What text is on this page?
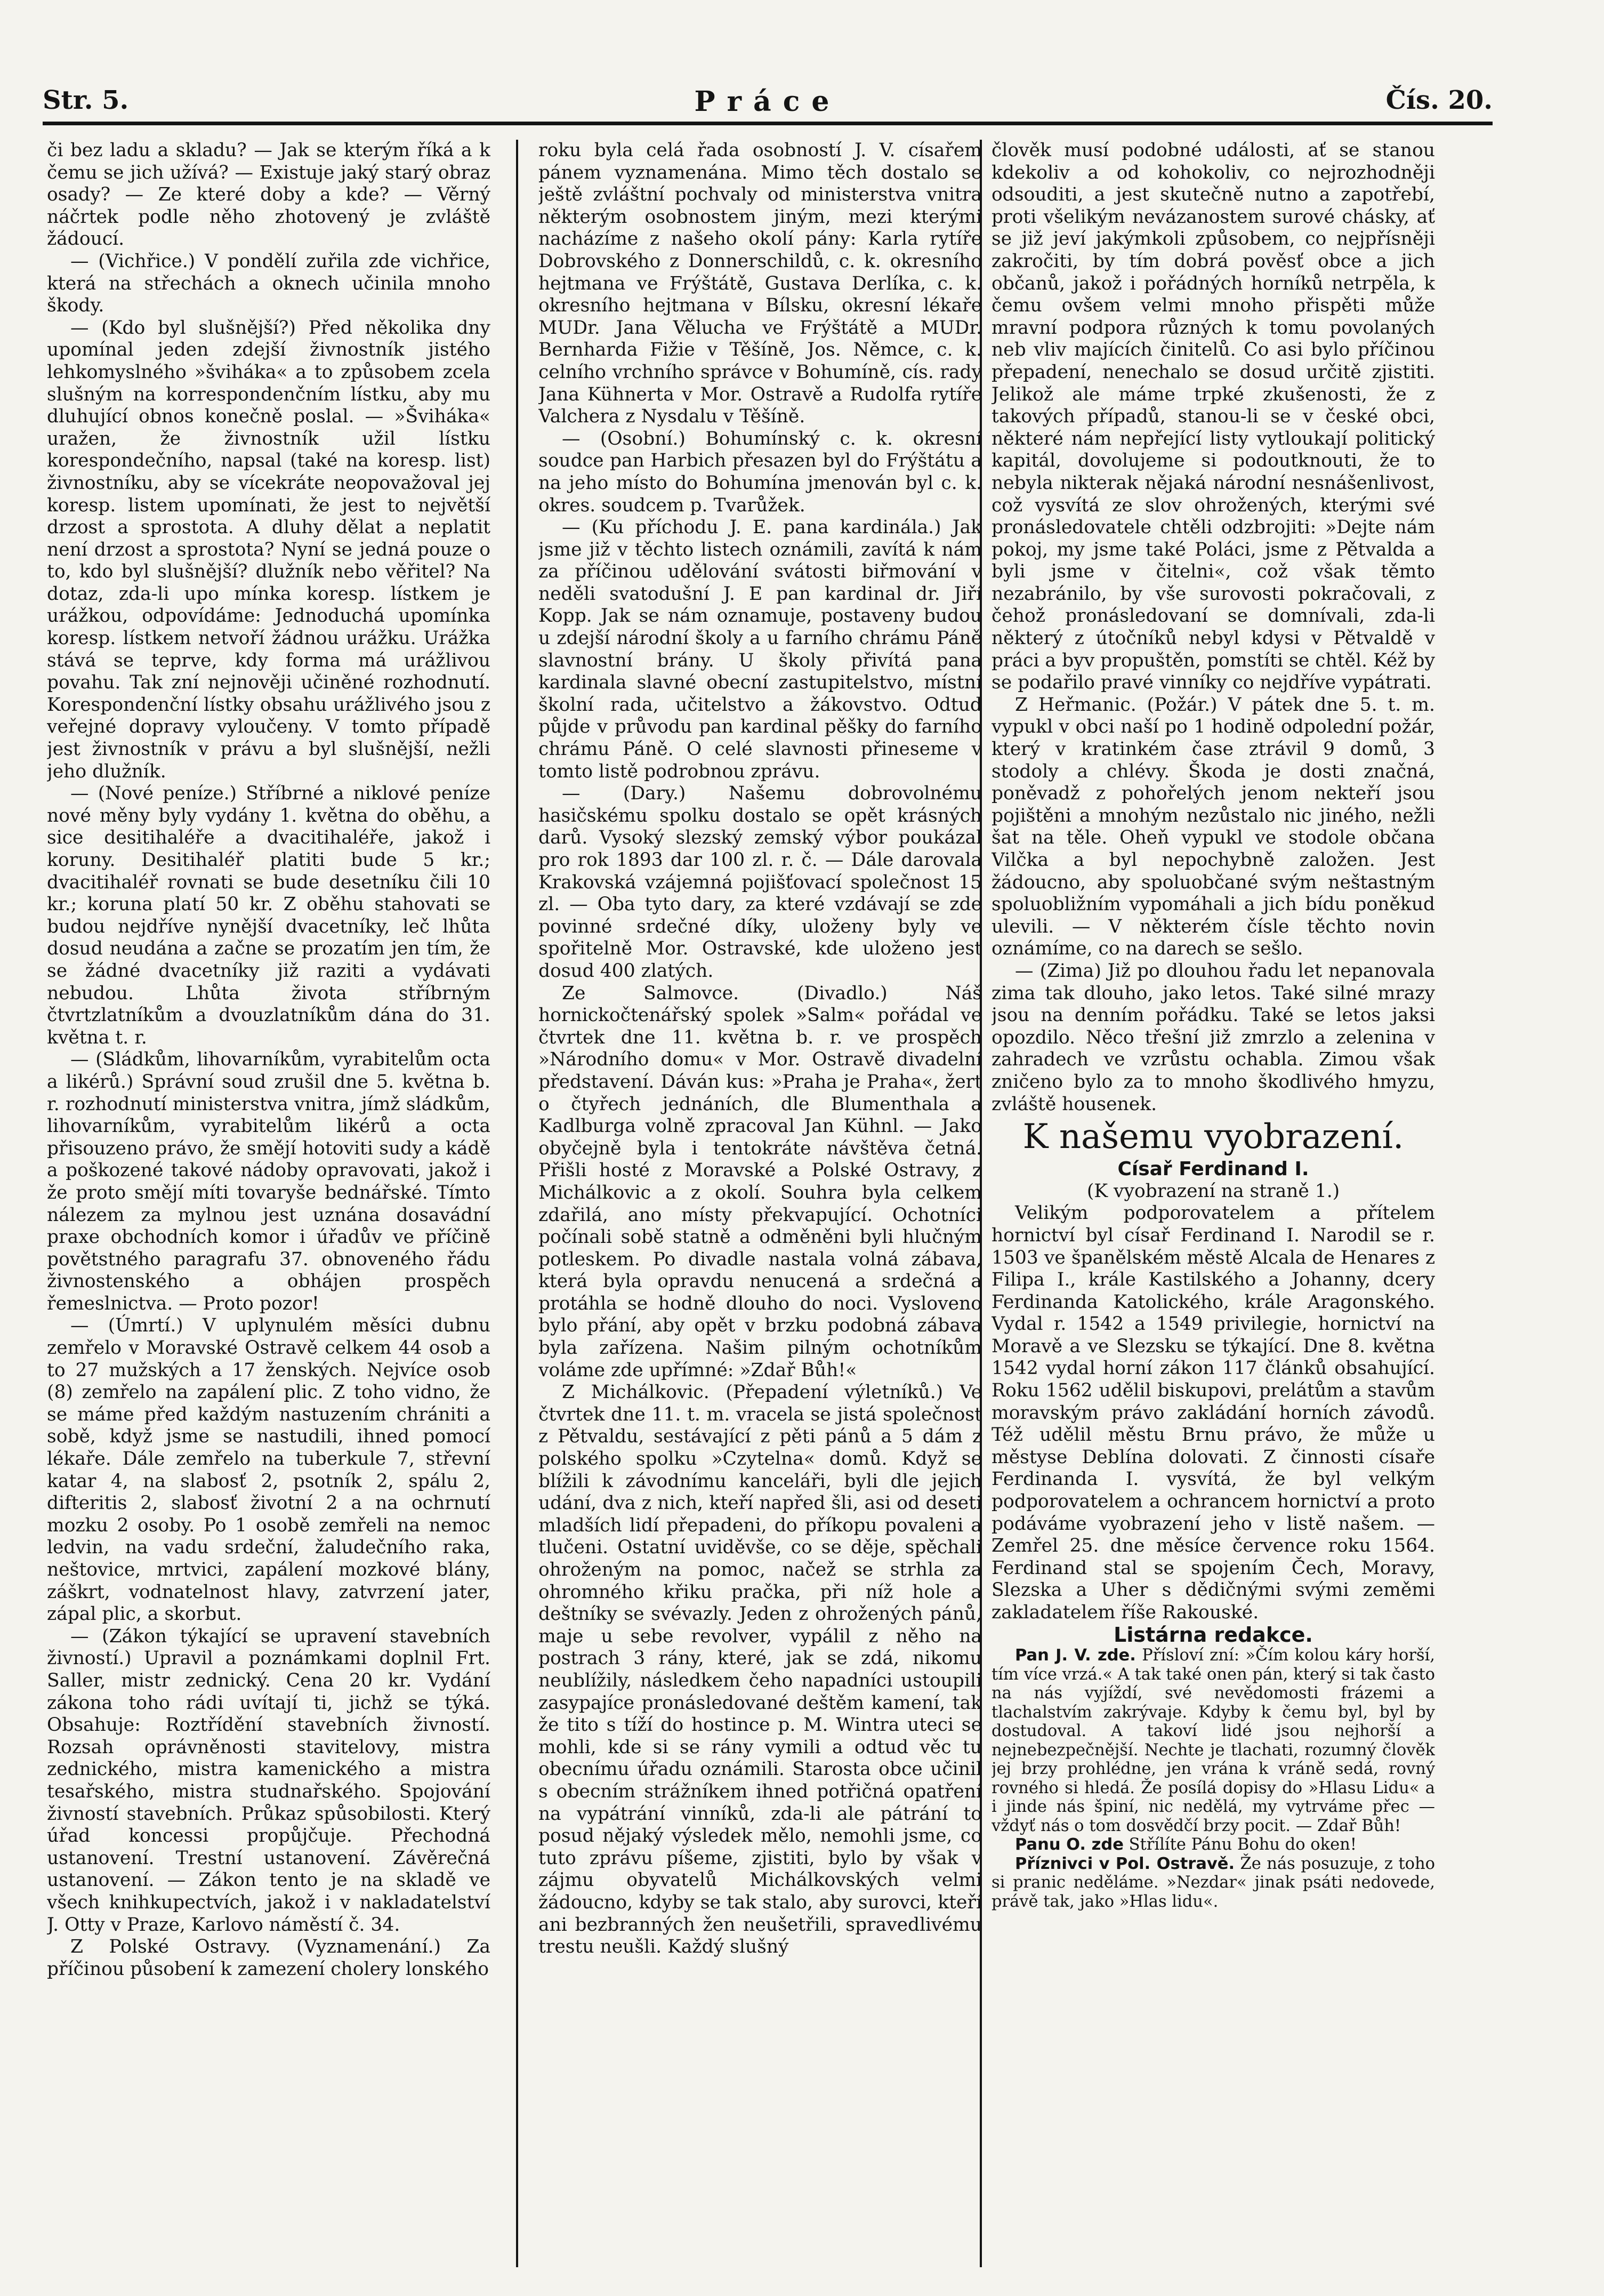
Str. 5.	Práce	Čís. 20.

či bez ladu a skladu? — Jak se kterým říká a k čemu se jich užívá? — Existuje jaký starý obraz osady? — Ze které doby a kde? — Věrný náčrtek podle něho zhotovený je zvláště žádoucí.

— (Vichřice.) V pondělí zuřila zde vichřice, která na střechách a oknech učinila mnoho škody.

— (Kdo byl slušnější?) Před několika dny upomínal jeden zdejší živnostník jistého lehkomyslného »šviháka« a to způsobem zcela slušným na korrespondenčním lístku, aby mu dluhující obnos konečně poslal. — »Šviháka« uražen, že živnostník užil lístku korespondečního, napsal (také na koresp. list) živnostníku, aby se vícekráte neopovažoval jej koresp. listem upomínati, že jest to největší drzost a sprostota. A dluhy dělat a neplatit není drzost a sprostota? Nyní se jedná pouze o to, kdo byl slušnější? dlužník nebo věřitel? Na dotaz, zda-li upo mínka koresp. lístkem je urážkou, odpovídáme: Jednoduchá upomínka koresp. lístkem netvoří žádnou urážku. Urážka stává se teprve, kdy forma má urážlivou povahu. Tak zní nejnověji učiněné rozhodnutí. Korespondenční lístky obsahu urážlivého jsou z veřejné dopravy vyloučeny. V tomto případě jest živnostník v právu a byl slušnější, nežli jeho dlužník.

— (Nové peníze.) Stříbrné a niklové peníze nové měny byly vydány 1. května do oběhu, a sice desitihaléře a dvacitihaléře, jakož i koruny. Desitihaléř platiti bude 5 kr.; dvacitihaléř rovnati se bude desetníku čili 10 kr.; koruna platí 50 kr. Z oběhu stahovati se budou nejdříve nynější dvacetníky, leč lhůta dosud neudána a začne se prozatím jen tím, že se žádné dvacetníky již raziti a vydávati nebudou. Lhůta života stříbrným čtvrtzlatníkům a dvouzlatníkům dána do 31. května t. r.

— (Sládkům, lihovarníkům, vyrabitelům octa a likérů.) Správní soud zrušil dne 5. května b. r. rozhodnutí ministerstva vnitra, jímž sládkům, lihovarníkům, vyrabitelům likérů a octa přisouzeno právo, že smějí hotoviti sudy a kádě a poškozené takové nádoby opravovati, jakož i že proto smějí míti tovaryše bednářské. Tímto nálezem za mylnou jest uznána dosavádní praxe obchodních komor i úřadův ve příčině povětstného paragrafu 37. obnoveného řádu živnostenského a obhájen prospěch řemeslnictva. — Proto pozor!

— (Úmrtí.) V uplynulém měsíci dubnu zemřelo v Moravské Ostravě celkem 44 osob a to 27 mužských a 17 ženských. Nejvíce osob (8) zemřelo na zapálení plic. Z toho vidno, že se máme před každým nastuzením chrániti a sobě, když jsme se nastudili, ihned pomocí lékaře. Dále zemřelo na tuberkule 7, střevní katar 4, na slabosť 2, psotník 2, spálu 2, difteritis 2, slabosť životní 2 a na ochrnutí mozku 2 osoby. Po 1 osobě zemřeli na nemoc ledvin, na vadu srdeční, žaludečního raka, neštovice, mrtvici, zapálení mozkové blány, záškrt, vodnatelnost hlavy, zatvrzení jater, zápal plic, a skorbut.

— (Zákon týkající se upravení stavebních živností.) Upravil a poznámkami doplnil Frt. Saller, mistr zednický. Cena 20 kr. Vydání zákona toho rádi uvítají ti, jichž se týká. Obsahuje: Roztřídění stavebních živností. Rozsah oprávněnosti stavitelovy, mistra zednického, mistra kamenického a mistra tesařského, mistra studnařského. Spojování živností stavebních. Průkaz spůsobilosti. Který úřad koncessi propůjčuje. Přechodná ustanovení. Trestní ustanovení. Závěrečná ustanovení. — Zákon tento je na skladě ve všech knihkupectvích, jakož i v nakladatelství J. Otty v Praze, Karlovo náměstí č. 34.

Z Polské Ostravy. (Vyznamenání.) Za příčinou působení k zamezení cholery lonského

roku byla celá řada osobností J. V. císařem pánem vyznamenána. Mimo těch dostalo se ještě zvláštní pochvaly od ministerstva vnitra některým osobnostem jiným, mezi kterými nacházíme z našeho okolí pány: Karla rytíře Dobrovského z Donnerschildů, c. k. okresního hejtmana ve Frýštátě, Gustava Derlíka, c. k. okresního hejtmana v Bílsku, okresní lékaře MUDr. Jana Vělucha ve Frýštátě a MUDr. Bernharda Fižie v Těšíně, Jos. Němce, c. k. celního vrchního správce v Bohumíně, cís. rady Jana Kühnerta v Mor. Ostravě a Rudolfa rytíře Valchera z Nysdalu v Těšíně.

— (Osobní.) Bohumínský c. k. okresní soudce pan Harbich přesazen byl do Frýštátu a na jeho místo do Bohumína jmenován byl c. k. okres. soudcem p. Tvarůžek.

— (Ku příchodu J. E. pana kardinála.) Jak jsme již v těchto listech oznámili, zavítá k nám za příčinou udělování svátosti biřmování v neděli svatodušní J. E pan kardinal dr. Jiří Kopp. Jak se nám oznamuje, postaveny budou u zdejší národní školy a u farního chrámu Páně slavnostní brány. U školy přivítá pana kardinala slavné obecní zastupitelstvo, místní školní rada, učitelstvo a žákovstvo. Odtud půjde v průvodu pan kardinal pěšky do farního chrámu Páně. O celé slavnosti přineseme v tomto listě podrobnou zprávu.

— (Dary.) Našemu dobrovolnému hasičskému spolku dostalo se opět krásných darů. Vysoký slezský zemský výbor poukázal pro rok 1893 dar 100 zl. r. č. — Dále darovala Krakovská vzájemná pojišťovací společnost 15 zl. — Oba tyto dary, za které vzdávají se zde povinné srdečné díky, uloženy byly ve spořitelně Mor. Ostravské, kde uloženo jest dosud 400 zlatých.

Ze Salmovce. (Divadlo.) Náš hornickočtenářský spolek »Salm« pořádal ve čtvrtek dne 11. května b. r. ve prospěch »Národního domu« v Mor. Ostravě divadelní představení. Dáván kus: »Praha je Praha«, žert o čtyřech jednáních, dle Blumenthala a Kadlburga volně zpracoval Jan Kühnl. — Jako obyčejně byla i tentokráte návštěva četná. Přišli hosté z Moravské a Polské Ostravy, z Michálkovic a z okolí. Souhra byla celkem zdařilá, ano místy překvapující. Ochotníci počínali sobě statně a odměněni byli hlučným potleskem. Po divadle nastala volná zábava, která byla opravdu nenucená a srdečná a protáhla se hodně dlouho do noci. Vysloveno bylo přání, aby opět v brzku podobná zábava byla zařízena. Našim pilným ochotníkům voláme zde upřímné: »Zdař Bůh!«

Z Michálkovic. (Přepadení výletníků.) Ve čtvrtek dne 11. t. m. vracela se jistá společnost z Pětvaldu, sestávající z pěti pánů a 5 dám z polského spolku »Czytelna« domů. Když se blížili k závodnímu kanceláři, byli dle jejich udání, dva z nich, kteří napřed šli, asi od deseti mladších lidí přepadeni, do příkopu povaleni a tlučeni. Ostatní uviděvše, co se děje, spěchali ohroženým na pomoc, načež se strhla za ohromného křiku pračka, při níž hole a deštníky se svévazly. Jeden z ohrožených pánů, maje u sebe revolver, vypálil z něho na postrach 3 rány, které, jak se zdá, nikomu neublížily, následkem čeho napadníci ustoupili zasypajíce pronásledované deštěm kamení, tak že tito s tíží do hostince p. M. Wintra uteci se mohli, kde si se rány vymili a odtud věc tu obecnímu úřadu oznámili. Starosta obce učinil s obecním strážníkem ihned potřičná opatření na vypátrání vinníků, zda-li ale pátrání to posud nějaký výsledek mělo, nemohli jsme, co tuto zprávu píšeme, zjistiti, bylo by však v zájmu obyvatelů Michálkovských velmi žádoucno, kdyby se tak stalo, aby surovci, kteří ani bezbranných žen neušetřili, spravedlivému trestu neušli. Každý slušný

člověk musí podobné události, ať se stanou kdekoliv a od kohokoliv, co nejrozhodněji odsouditi, a jest skutečně nutno a zapotřebí, proti všelikým nevázanostem surové chásky, ať se již jeví jakýmkoli způsobem, co nejpřísněji zakročiti, by tím dobrá pověsť obce a jich občanů, jakož i pořádných horníků netrpěla, k čemu ovšem velmi mnoho přispěti může mravní podpora různých k tomu povolaných neb vliv majících činitelů. Co asi bylo příčinou přepadení, nenechalo se dosud určitě zjistiti. Jelikož ale máme trpké zkušenosti, že z takových případů, stanou-li se v české obci, některé nám nepřející listy vytloukají politický kapitál, dovolujeme si podoutknouti, že to nebyla nikterak nějaká národní nesnášenlivost, což vysvítá ze slov ohrožených, kterými své pronásledovatele chtěli odzbrojiti: »Dejte nám pokoj, my jsme také Poláci, jsme z Pětvalda a byli jsme v čitelni«, což však těmto nezabránilo, by vše surovosti pokračovali, z čehož pronásledovaní se domnívali, zda-li některý z útočníků nebyl kdysi v Pětvaldě v práci a byv propuštěn, pomstíti se chtěl. Kéž by se podařilo pravé vinníky co nejdříve vypátrati.

Z Heřmanic. (Požár.) V pátek dne 5. t. m. vypukl v obci naší po 1 hodině odpolední požár, který v kratinkém čase ztrávil 9 domů, 3 stodoly a chlévy. Škoda je dosti značná, poněvadž z pohořelých jenom nekteří jsou pojištěni a mnohým nezůstalo nic jiného, nežli šat na těle. Oheň vypukl ve stodole občana Vilčka a byl nepochybně založen. Jest žádoucno, aby spoluobčané svým neštastným spoluobližním vypomáhali a jich bídu poněkud ulevili. — V některém čísle těchto novin oznámíme, co na darech se sešlo.

— (Zima) Již po dlouhou řadu let nepanovala zima tak dlouho, jako letos. Také silné mrazy jsou na denním pořádku. Také se letos jaksi opozdilo. Něco třešní již zmrzlo a zelenina v zahradech ve vzrůstu ochabla. Zimou však zničeno bylo za to mnoho škodlivého hmyzu, zvláště housenek.

K našemu vyobrazení.

Císař Ferdinand I.

(K vyobrazení na straně 1.)

Velikým podporovatelem a přítelem hornictví byl císař Ferdinand I. Narodil se r. 1503 ve španělském městě Alcala de Henares z Filipa I., krále Kastilského a Johanny, dcery Ferdinanda Katolického, krále Aragonského. Vydal r. 1542 a 1549 privilegie, hornictví na Moravě a ve Slezsku se týkající. Dne 8. května 1542 vydal horní zákon 117 článků obsahující. Roku 1562 udělil biskupovi, prelátům a stavům moravským právo zakládání horních závodů. Též udělil městu Brnu právo, že může u městyse Deblína dolovati. Z činnosti císaře Ferdinanda I. vysvítá, že byl velkým podporovatelem a ochrancem hornictví a proto podáváme vyobrazení jeho v listě našem. — Zemřel 25. dne měsíce července roku 1564. Ferdinand stal se spojením Čech, Moravy, Slezska a Uher s dědičnými svými zeměmi zakladatelem říše Rakouské.

Listárna redakce.

Pan J. V. zde. Přísloví zní: »Čím kolou káry horší, tím více vrzá.« A tak také onen pán, který si tak často na nás vyjíždí, své nevědomosti frázemi a tlachalstvím zakrývaje. Kdyby k čemu byl, byl by dostudoval. A takoví lidé jsou nejhorší a nejnebezpečnější. Nechte je tlachati, rozumný člověk jej brzy prohlédne, jen vrána k vráně sedá, rovný rovného si hledá. Že posílá dopisy do »Hlasu Lidu« a i jinde nás špiní, nic nedělá, my vytrváme přec — vždyť nás o tom dosvědčí brzy pocit. — Zdař Bůh!

Panu O. zde Střílíte Pánu Bohu do oken!

Příznivci v Pol. Ostravě. Že nás posuzuje, z toho si pranic neděláme. »Nezdar« jinak psáti nedovede, právě tak, jako »Hlas lidu«.
